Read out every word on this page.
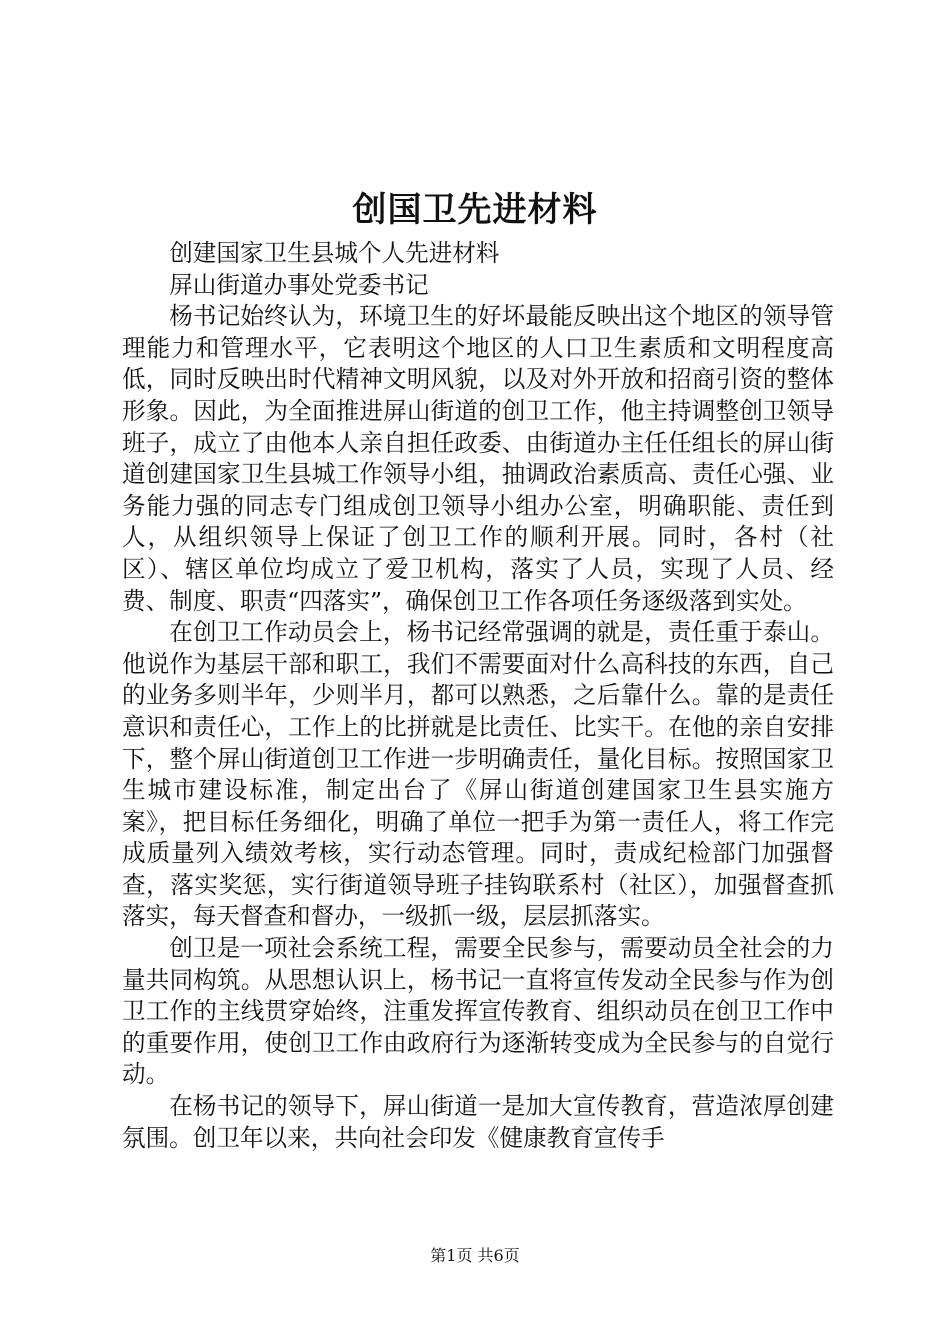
创国卫先进材料

创建国家卫生县城个人先进材料

屏山街道办事处党委书记

杨书记始终认为，环境卫生的好坏最能反映出这个地区的领导管理能力和管理水平，它表明这个地区的人口卫生素质和文明程度高低，同时反映出时代精神文明风貌，以及对外开放和招商引资的整体形象。因此，为全面推进屏山街道的创卫工作，他主持调整创卫领导班子，成立了由他本人亲自担任政委、由街道办主任任组长的屏山街道创建国家卫生县城工作领导小组，抽调政治素质高、责任心强、业务能力强的同志专门组成创卫领导小组办公室，明确职能、责任到人，从组织领导上保证了创卫工作的顺利开展。同时，各村（社区）、辖区单位均成立了爱卫机构，落实了人员，实现了人员、经费、制度、职责“四落实”，确保创卫工作各项任务逐级落到实处。

在创卫工作动员会上，杨书记经常强调的就是，责任重于泰山。他说作为基层干部和职工，我们不需要面对什么高科技的东西，自己的业务多则半年，少则半月，都可以熟悉，之后靠什么。靠的是责任意识和责任心，工作上的比拼就是比责任、比实干。在他的亲自安排下，整个屏山街道创卫工作进一步明确责任，量化目标。按照国家卫生城市建设标准，制定出台了《屏山街道创建国家卫生县实施方案》，把目标任务细化，明确了单位一把手为第一责任人，将工作完成质量列入绩效考核，实行动态管理。同时，责成纪检部门加强督查，落实奖惩，实行街道领导班子挂钩联系村（社区），加强督查抓落实，每天督查和督办，一级抓一级，层层抓落实。

创卫是一项社会系统工程，需要全民参与，需要动员全社会的力量共同构筑。从思想认识上，杨书记一直将宣传发动全民参与作为创卫工作的主线贯穿始终，注重发挥宣传教育、组织动员在创卫工作中的重要作用，使创卫工作由政府行为逐渐转变成为全民参与的自觉行动。

在杨书记的领导下，屏山街道一是加大宣传教育，营造浓厚创建氛围。创卫年以来，共向社会印发《健康教育宣传手

第1页 共6页
